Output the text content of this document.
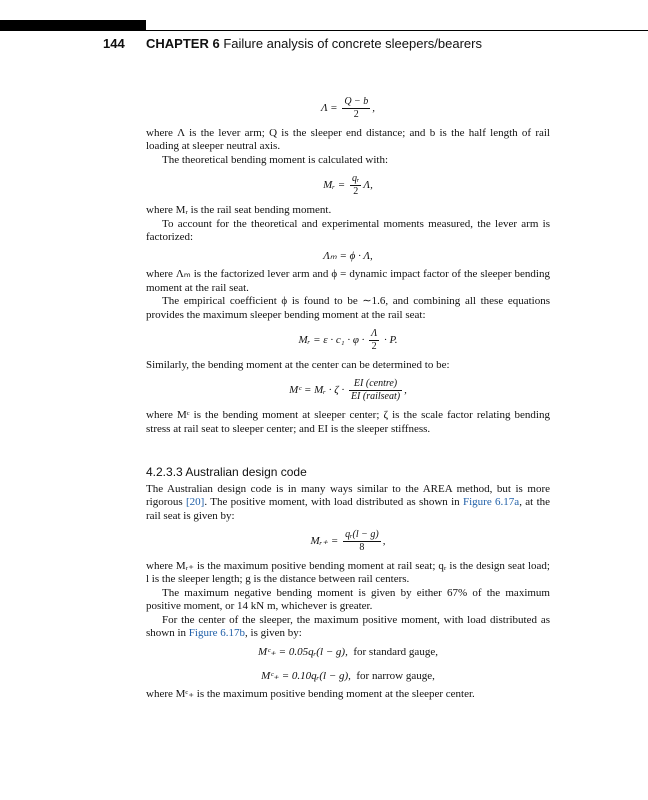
144 CHAPTER 6 Failure analysis of concrete sleepers/bearers
$\Lambda = \frac{Q - b}{2}$ ,

where Λ is the lever arm; Q is the sleeper end distance; and b is the half length of rail loading at sleeper neutral axis.

The theoretical bending moment is calculated with:

Mᵣ = $\frac{\text{qᵣ}}{2} \Lambda$,

where Mᵣ is the rail seat bending moment.

To account for the theoretical and experimental moments measured, the lever arm is factorized:

Λₘ = ϕ · Λ,

where Λₘ is the factorized lever arm and ϕ = dynamic impact factor of the sleeper bending moment at the rail seat.

The empirical coefficient ϕ is found to be ∼1.6, and combining all these equations provides the maximum sleeper bending moment at the rail seat:

Mᵣ = $\varepsilon \cdot c_1 \cdot \varphi \cdot \frac{\Lambda}{2} \cdot P$.

Similarly, the bending moment at the center can be determined to be:

Mᶜ = Mᵣ · $\zeta \cdot \frac{\text{EI (centre)}}{\text{EI (railseat)}}$ ,

where Mᶜ is the bending moment at sleeper center; ζ is the scale factor relating bending stress at rail seat to sleeper center; and EI is the sleeper stiffness.

4.2.3.3 Australian design code

The Australian design code is in many ways similar to the AREA method, but is more rigorous [20]. The positive moment, with load distributed as shown in Figure 6.17a, at the rail seat is given by:

Mᵣ₊ = $\frac{\text{qᵣ(l − g)}}{8}$ ,

where Mᵣ₊ is the maximum positive bending moment at rail seat; qᵣ is the design seat load; l is the sleeper length; g is the distance between rail centers.

The maximum negative bending moment is given by either 67% of the maximum positive moment, or 14 kN m, whichever is greater.

For the center of the sleeper, the maximum positive moment, with load distributed as shown in Figure 6.17b, is given by:

Mᶜ₊ = 0.05qᵣ(l − g), for standard gauge,
Mᶜ₊ = 0.10qᵣ(l − g), for narrow gauge,

where Mᶜ₊ is the maximum positive bending moment at the sleeper center.
